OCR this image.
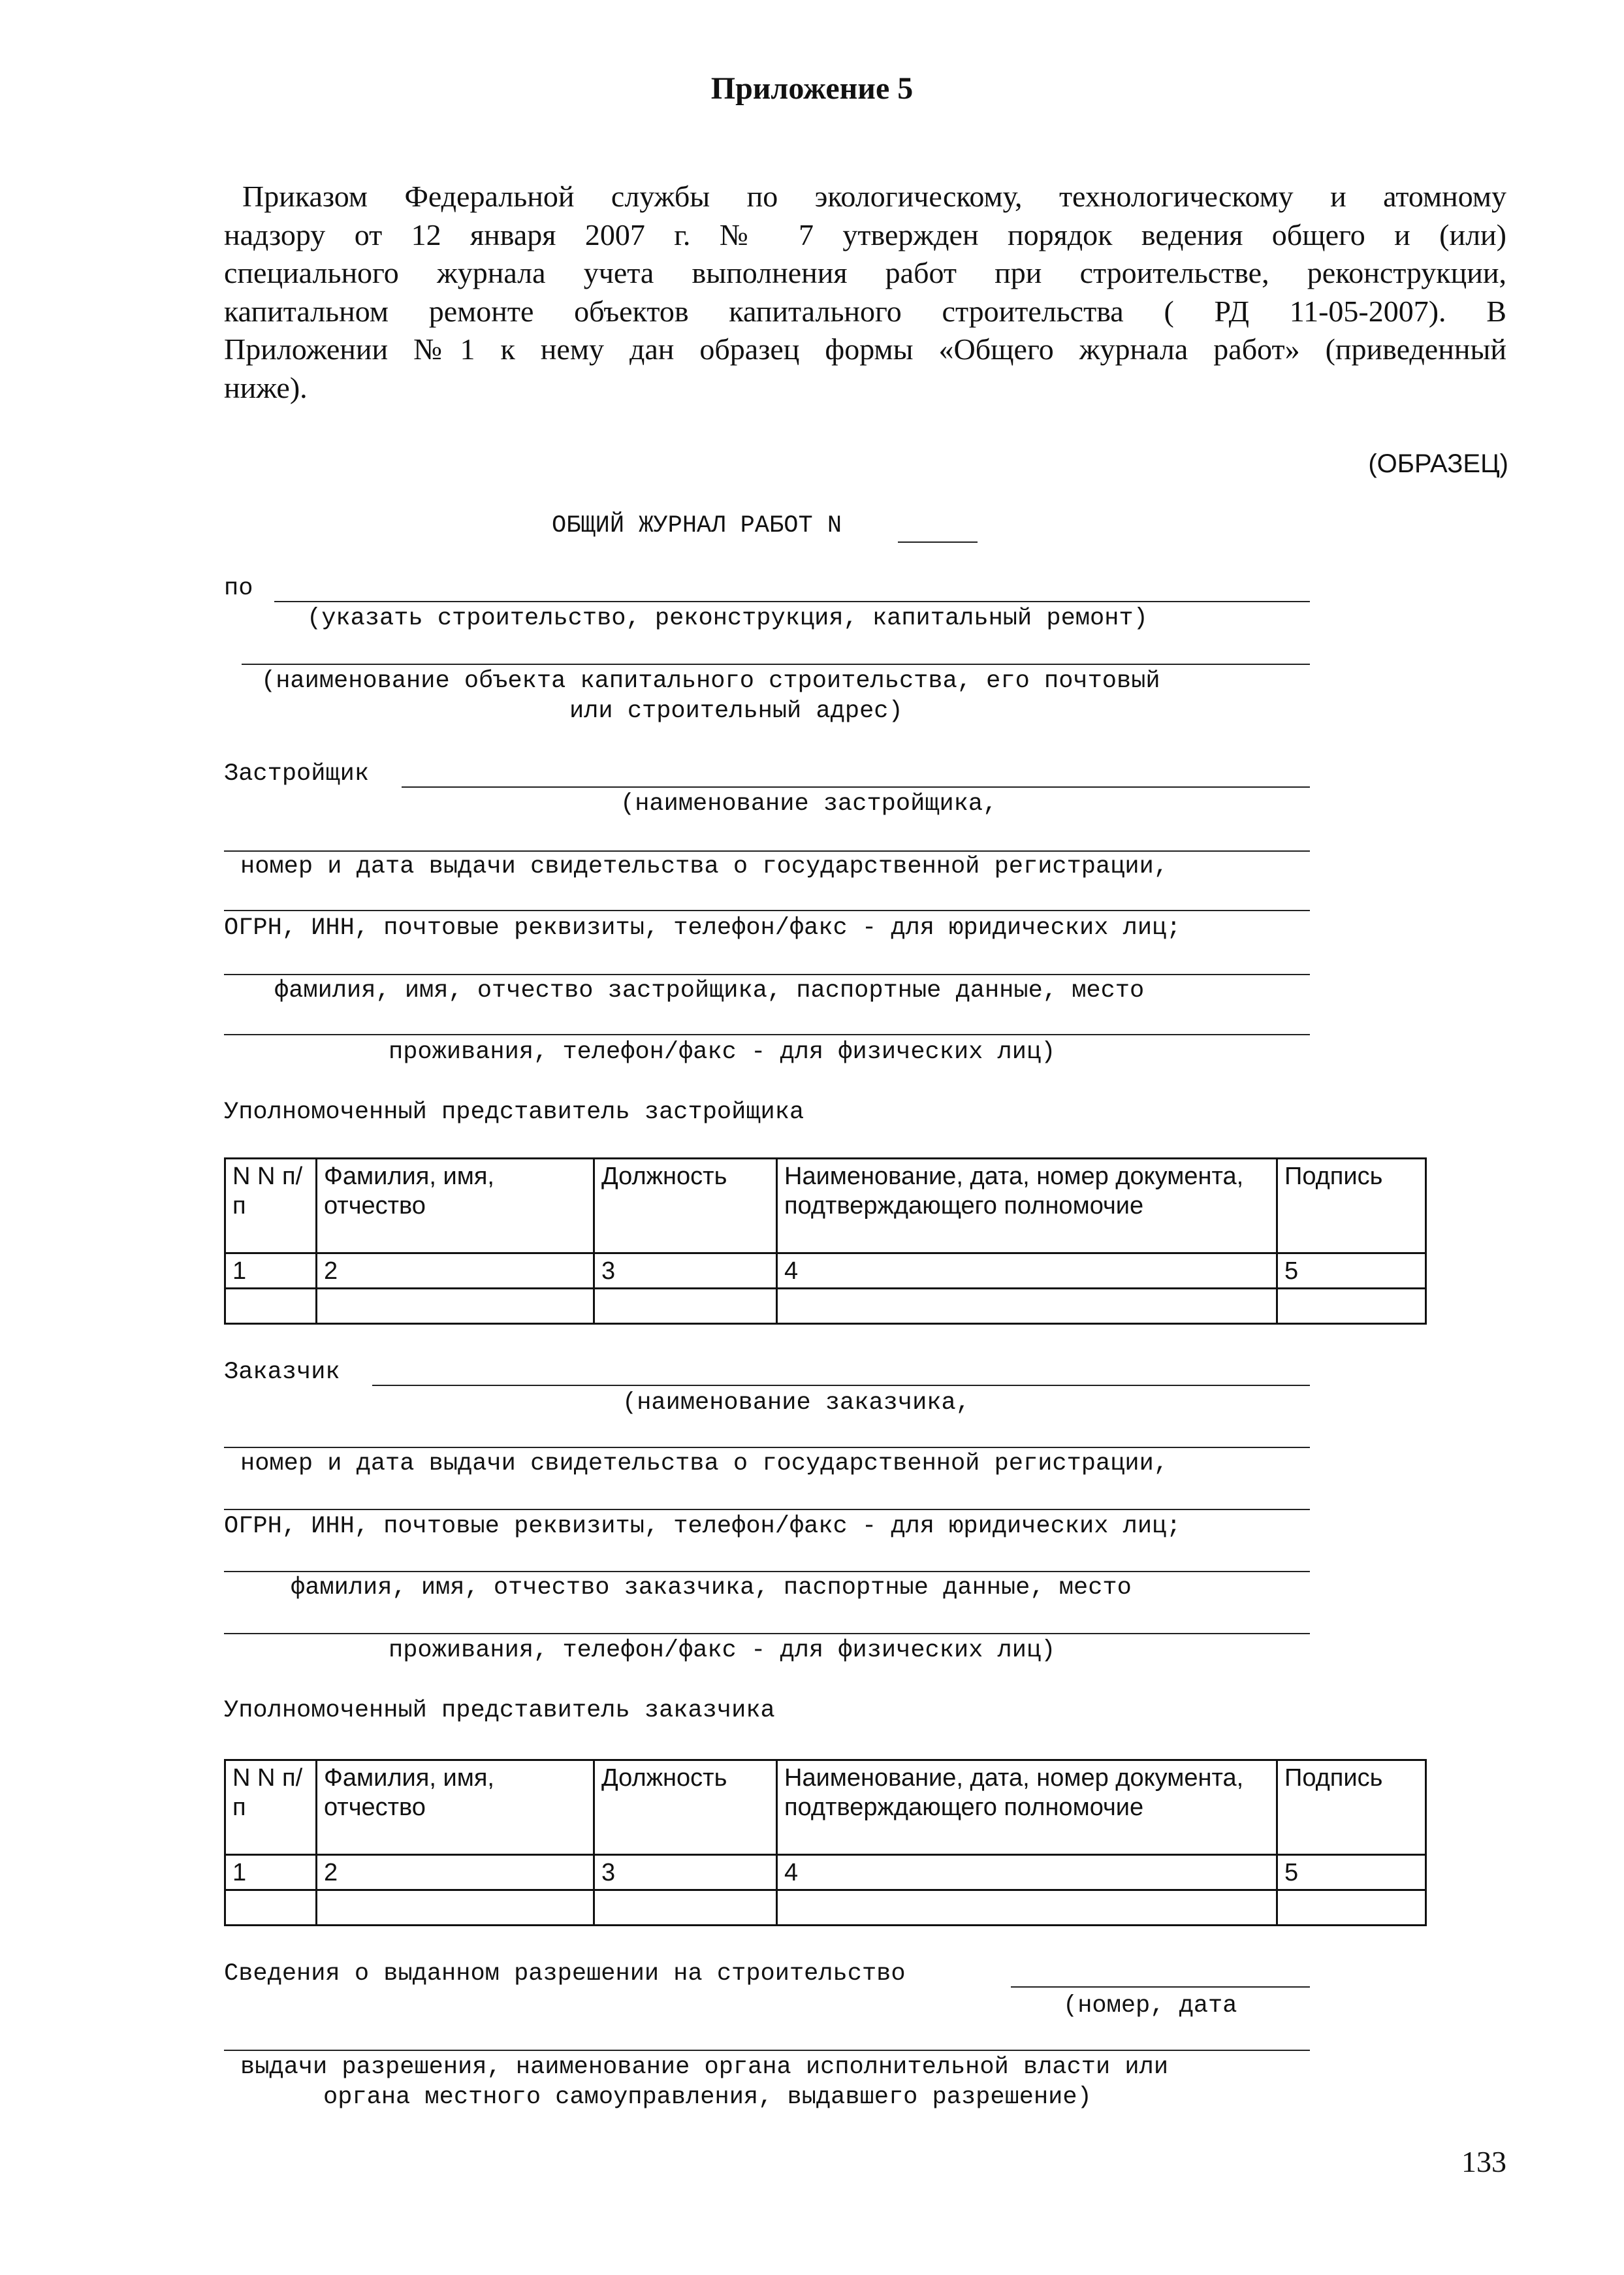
Приложение 5
Приказом Федеральной службы по экологическому, технологическому и атомному
надзору от 12 января 2007 г. № 7 утвержден порядок ведения общего и (или)
специального журнала учета выполнения работ при строительстве, реконструкции,
капитальном ремонте объектов капитального строительства ( РД 11-05-2007). В
Приложении №1 к нему дан образец формы «Общего журнала работ» (приведенный
ниже).
(ОБРАЗЕЦ)
ОБЩИЙ ЖУРНАЛ РАБОТ N
по
(указать строительство, реконструкция, капитальный ремонт)
(наименование объекта капитального строительства, его почтовый
или строительный адрес)
Застройщик
(наименование застройщика,
номер и дата выдачи свидетельства о государственной регистрации,
ОГРН, ИНН, почтовые реквизиты, телефон/факс - для юридических лиц;
фамилия, имя, отчество застройщика, паспортные данные, место
проживания, телефон/факс - для физических лиц)
Уполномоченный представитель застройщика
N N п/п	Фамилия, имя, отчество	Должность	Наименование, дата, номер документа, подтверждающего полномочие	Подпись
1	2	3	4	5

Заказчик
(наименование заказчика,
номер и дата выдачи свидетельства о государственной регистрации,
ОГРН, ИНН, почтовые реквизиты, телефон/факс - для юридических лиц;
фамилия, имя, отчество заказчика, паспортные данные, место
проживания, телефон/факс - для физических лиц)
Уполномоченный представитель заказчика
N N п/п	Фамилия, имя, отчество	Должность	Наименование, дата, номер документа, подтверждающего полномочие	Подпись
1	2	3	4	5

Сведения о выданном разрешении на строительство
(номер, дата
выдачи разрешения, наименование органа исполнительной власти или
органа местного самоуправления, выдавшего разрешение)
133
